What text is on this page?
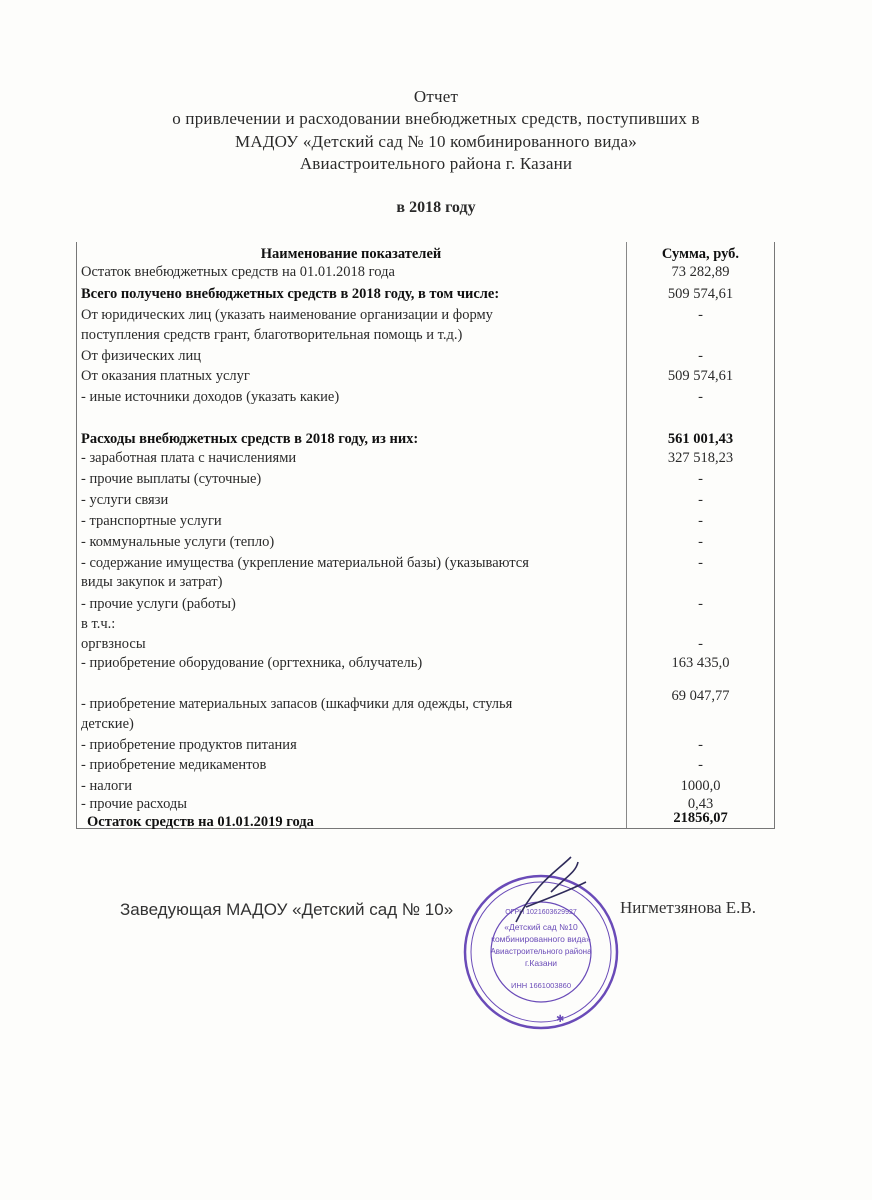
Отчет
о привлечении и расходовании внебюджетных средств, поступивших в
МАДОУ «Детский сад № 10 комбинированного вида»
Авиастроительного района г. Казани
в 2018 году
Наименование показателей	Сумма, руб.
Остаток внебюджетных средств на 01.01.2018 года	73 282,89
Всего получено внебюджетных средств в 2018 году, в том числе:	509 574,61
От юридических лиц (указать наименование организации и форму	-
поступления средств грант, благотворительная помощь и т.д.)
От физических лиц	-
От оказания платных услуг	509 574,61
- иные источники доходов (указать какие)	-
Расходы внебюджетных средств в 2018 году, из них:	561 001,43
- заработная плата с начислениями	327 518,23
- прочие выплаты (суточные)	-
- услуги связи	-
- транспортные услуги	-
- коммунальные услуги (тепло)	-
- содержание имущества (укрепление материальной базы) (указываются	-
виды закупок и затрат)
- прочие услуги (работы)	-
в т.ч.:
оргвзносы	-
- приобретение оборудование (оргтехника, облучатель)	163 435,0
- приобретение материальных запасов (шкафчики для одежды, стулья	69 047,77
детские)
- приобретение продуктов питания	-
- приобретение медикаментов	-
- налоги	1000,0
- прочие расходы	0,43
Остаток средств на 01.01.2019 года	21856,07
Заведующая МАДОУ «Детский сад № 10»	Нигметзянова Е.В.
«Детский сад №10
комбинированного вида»
Авиастроительного района
г.Казани
ИНН 1661003860
ОГРН 1021603629927
✱
